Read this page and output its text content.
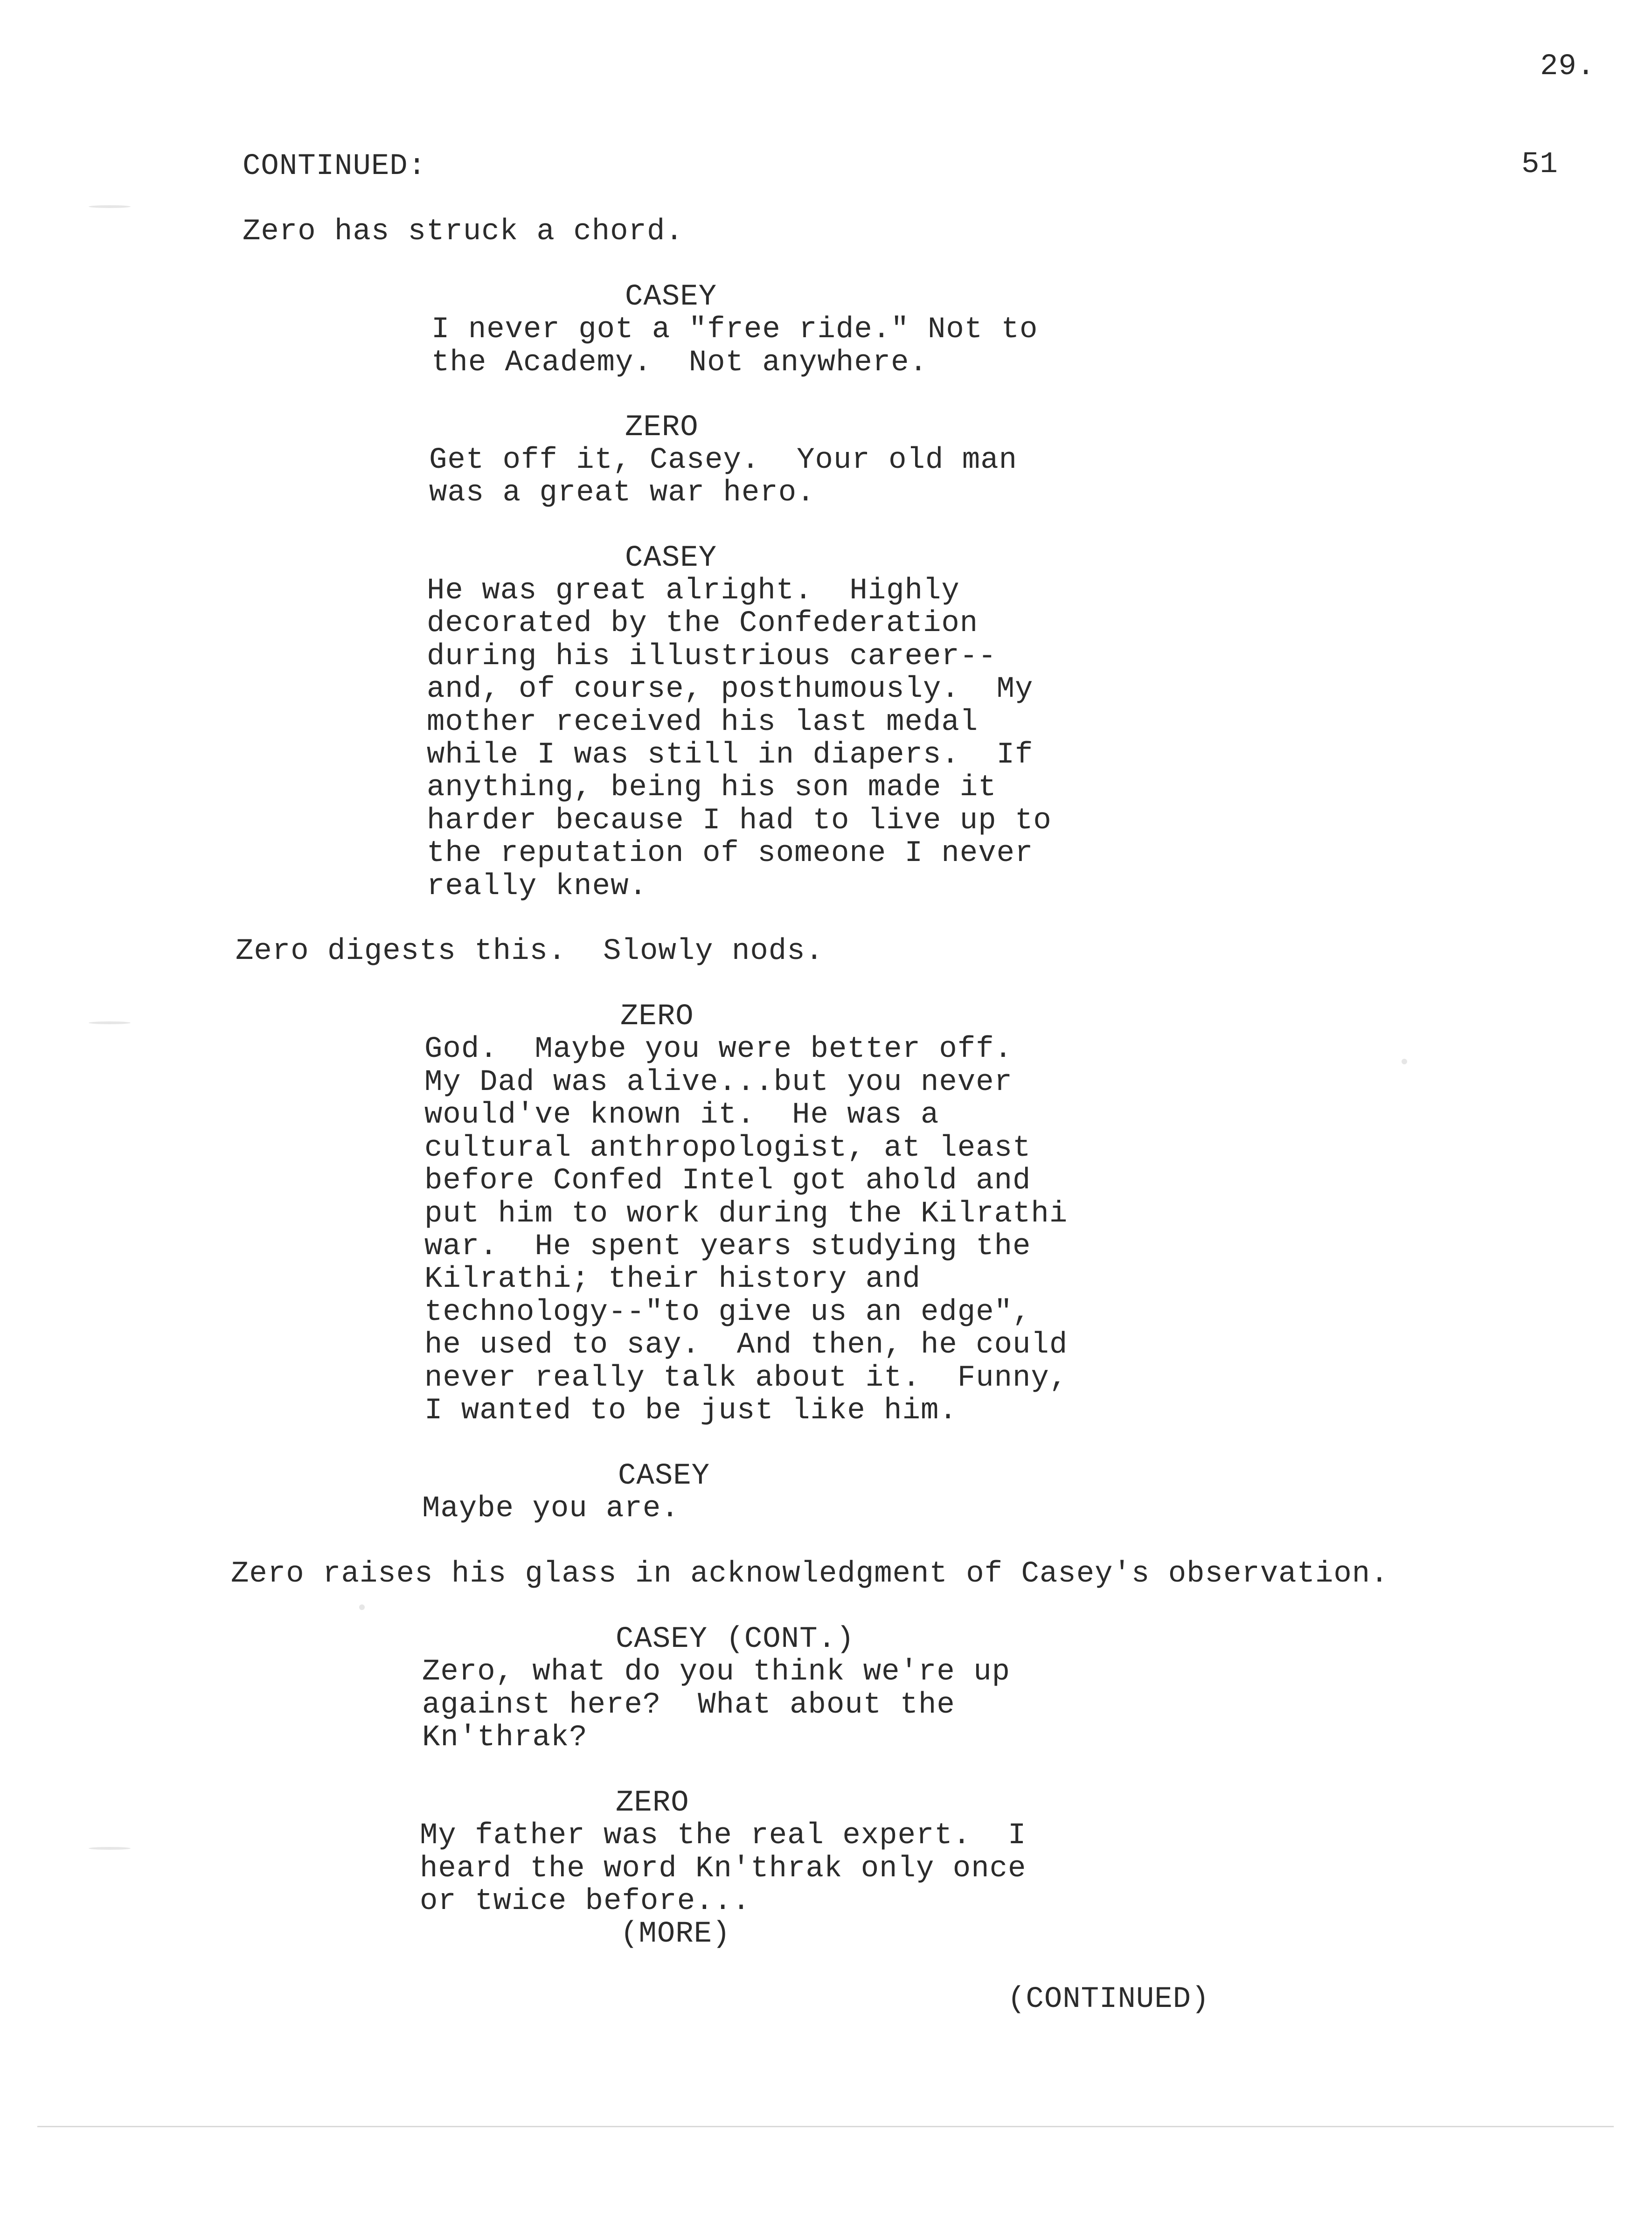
29.
CONTINUED:	51
Zero has struck a chord.
CASEY
I never got a "free ride." Not to
the Academy.  Not anywhere.
ZERO
Get off it, Casey.  Your old man
was a great war hero.
CASEY
He was great alright.  Highly
decorated by the Confederation
during his illustrious career--
and, of course, posthumously.  My
mother received his last medal
while I was still in diapers.  If
anything, being his son made it
harder because I had to live up to
the reputation of someone I never
really knew.
Zero digests this.  Slowly nods.
ZERO
God.  Maybe you were better off.
My Dad was alive...but you never
would've known it.  He was a
cultural anthropologist, at least
before Confed Intel got ahold and
put him to work during the Kilrathi
war.  He spent years studying the
Kilrathi; their history and
technology--"to give us an edge",
he used to say.  And then, he could
never really talk about it.  Funny,
I wanted to be just like him.
CASEY
Maybe you are.
Zero raises his glass in acknowledgment of Casey's observation.
CASEY (CONT.)
Zero, what do you think we're up
against here?  What about the
Kn'thrak?
ZERO
My father was the real expert.  I
heard the word Kn'thrak only once
or twice before...
(MORE)
(CONTINUED)
